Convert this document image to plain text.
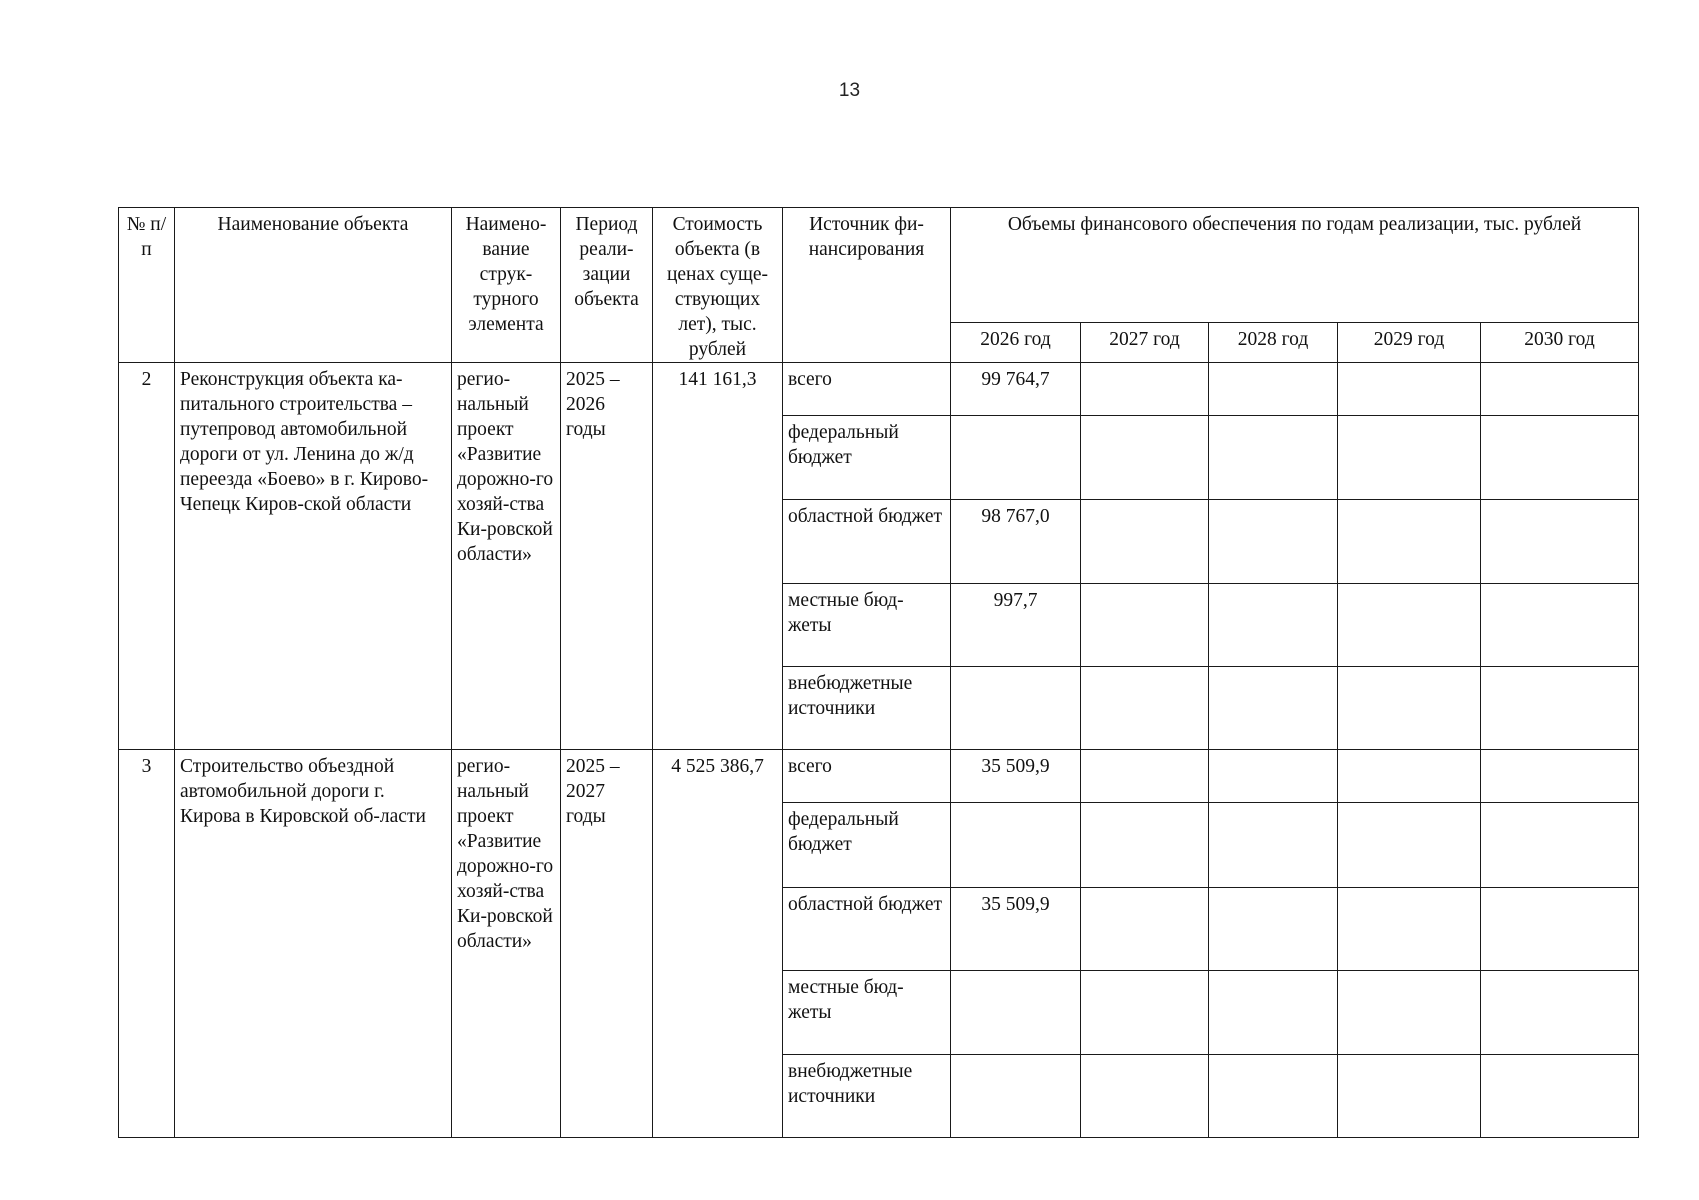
13
№ п/п	Наименование объекта	Наимено-вание струк-турного элемента	Период реали-зации объекта	Стоимость объекта (в ценах суще-ствующих лет), тыс. рублей	Источник фи-нансирования	Объемы финансового обеспечения по годам реализации, тыс. рублей				
						2026 год	2027 год	2028 год	2029 год	2030 год
2	Реконструкция объекта ка-питального строительства – путепровод автомобильной дороги от ул. Ленина до ж/д переезда «Боево» в г. Кирово-Чепецк Киров-ской области	регио-нальный проект «Развитие дорожно-го хозяй-ства Ки-ровской области»	2025 – 2026 годы	141 161,3	всего	99 764,7				
					федеральный бюджет					
					областной бюджет	98 767,0				
					местные бюд-жеты	997,7				
					внебюджетные источники					
3	Строительство объездной автомобильной дороги г. Кирова в Кировской об-ласти	регио-нальный проект «Развитие дорожно-го хозяй-ства Ки-ровской области»	2025 – 2027 годы	4 525 386,7	всего	35 509,9				
					федеральный бюджет					
					областной бюджет	35 509,9				
					местные бюд-жеты					
					внебюджетные источники					
